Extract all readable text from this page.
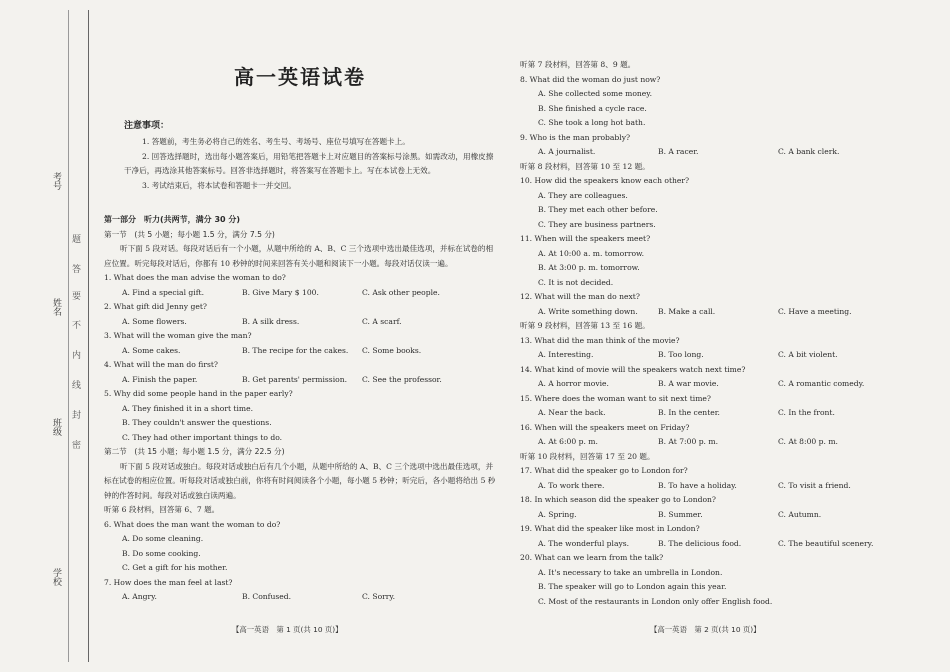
考号
姓名
班级
学校
题
答
要
不
内
线
封
密
高一英语试卷
注意事项：
1. 答题前，考生务必将自己的姓名、考生号、考场号、座位号填写在答题卡上。
2. 回答选择题时，选出每小题答案后，用铅笔把答题卡上对应题目的答案标号涂黑。如需改动，用橡皮擦干净后，再选涂其他答案标号。回答非选择题时，将答案写在答题卡上。写在本试卷上无效。
3. 考试结束后，将本试卷和答题卡一并交回。
第一部分　听力(共两节，满分 30 分)
第一节　(共 5 小题；每小题 1.5 分，满分 7.5 分)
听下面 5 段对话。每段对话后有一个小题，从题中所给的 A、B、C 三个选项中选出最佳选项，并标在试卷的相应位置。听完每段对话后，你都有 10 秒钟的时间来回答有关小题和阅读下一小题。每段对话仅读一遍。
1. What does the man advise the woman to do?
A. Find a special gift.	B. Give Mary $ 100.	C. Ask other people.
2. What gift did Jenny get?
A. Some flowers.	B. A silk dress.	C. A scarf.
3. What will the woman give the man?
A. Some cakes.	B. The recipe for the cakes.	C. Some books.
4. What will the man do first?
A. Finish the paper.	B. Get parents' permission.	C. See the professor.
5. Why did some people hand in the paper early?
A. They finished it in a short time.
B. They couldn't answer the questions.
C. They had other important things to do.
第二节　(共 15 小题；每小题 1.5 分，满分 22.5 分)
听下面 5 段对话或独白。每段对话或独白后有几个小题，从题中所给的 A、B、C 三个选项中选出最佳选项，并标在试卷的相应位置。听每段对话或独白前，你将有时间阅读各个小题，每小题 5 秒钟；听完后，各小题将给出 5 秒钟的作答时间。每段对话或独白读两遍。
听第 6 段材料，回答第 6、7 题。
6. What does the man want the woman to do?
A. Do some cleaning.
B. Do some cooking.
C. Get a gift for his mother.
7. How does the man feel at last?
A. Angry.	B. Confused.	C. Sorry.
【高一英语　第 1 页(共 10 页)】
听第 7 段材料，回答第 8、9 题。
8. What did the woman do just now?
A. She collected some money.
B. She finished a cycle race.
C. She took a long hot bath.
9. Who is the man probably?
A. A journalist.	B. A racer.	C. A bank clerk.
听第 8 段材料，回答第 10 至 12 题。
10. How did the speakers know each other?
A. They are colleagues.
B. They met each other before.
C. They are business partners.
11. When will the speakers meet?
A. At 10:00 a. m. tomorrow.
B. At 3:00 p. m. tomorrow.
C. It is not decided.
12. What will the man do next?
A. Write something down.	B. Make a call.	C. Have a meeting.
听第 9 段材料，回答第 13 至 16 题。
13. What did the man think of the movie?
A. Interesting.	B. Too long.	C. A bit violent.
14. What kind of movie will the speakers watch next time?
A. A horror movie.	B. A war movie.	C. A romantic comedy.
15. Where does the woman want to sit next time?
A. Near the back.	B. In the center.	C. In the front.
16. When will the speakers meet on Friday?
A. At 6:00 p. m.	B. At 7:00 p. m.	C. At 8:00 p. m.
听第 10 段材料，回答第 17 至 20 题。
17. What did the speaker go to London for?
A. To work there.	B. To have a holiday.	C. To visit a friend.
18. In which season did the speaker go to London?
A. Spring.	B. Summer.	C. Autumn.
19. What did the speaker like most in London?
A. The wonderful plays.	B. The delicious food.	C. The beautiful scenery.
20. What can we learn from the talk?
A. It's necessary to take an umbrella in London.
B. The speaker will go to London again this year.
C. Most of the restaurants in London only offer English food.
【高一英语　第 2 页(共 10 页)】
